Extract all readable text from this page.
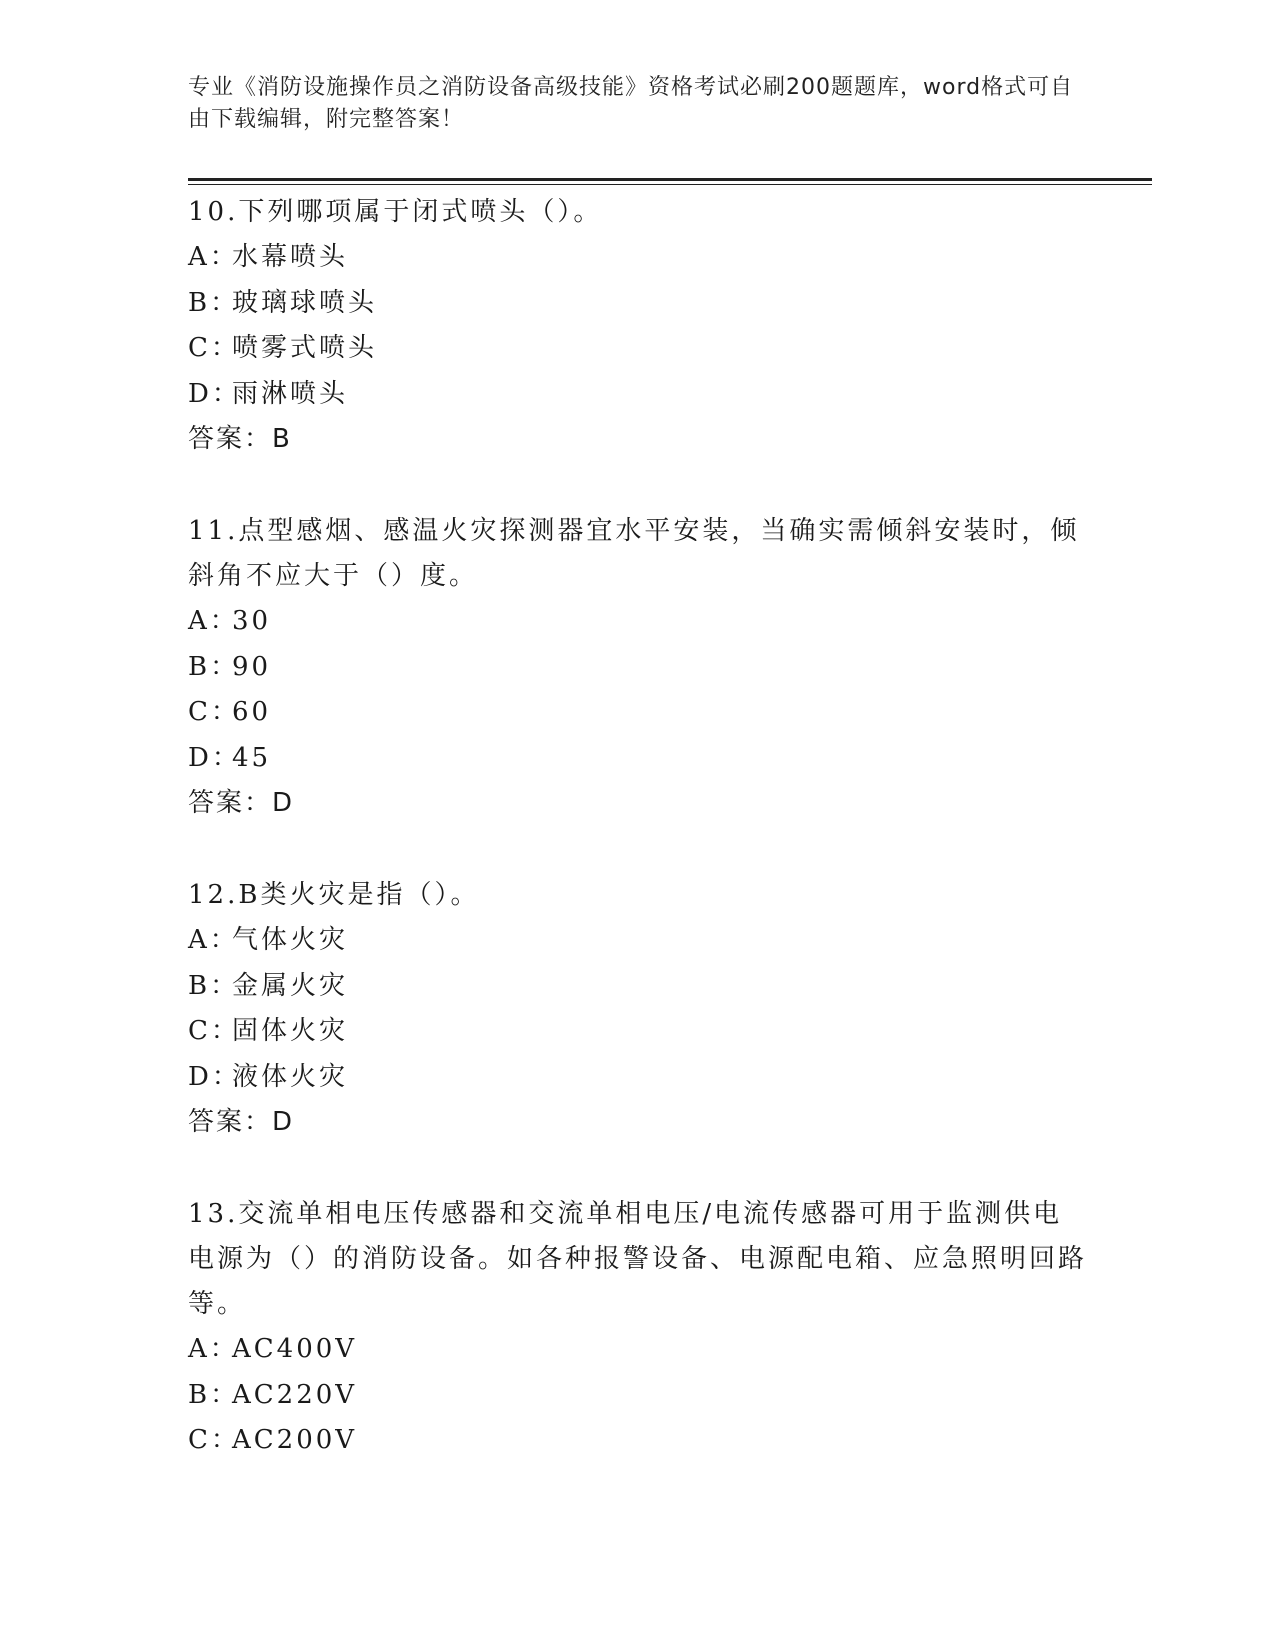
专业《消防设施操作员之消防设备高级技能》资格考试必刷200题题库，word格式可自由下载编辑，附完整答案！

10.下列哪项属于闭式喷头（）。

A：水幕喷头

B：玻璃球喷头

C：喷雾式喷头

D：雨淋喷头

答案：B

11.点型感烟、感温火灾探测器宜水平安装，当确实需倾斜安装时，倾斜角不应大于（）度。

A：30

B：90

C：60

D：45

答案：D

12.B类火灾是指（）。

A：气体火灾

B：金属火灾

C：固体火灾

D：液体火灾

答案：D

13.交流单相电压传感器和交流单相电压/电流传感器可用于监测供电电源为（）的消防设备。如各种报警设备、电源配电箱、应急照明回路等。

A：AC400V

B：AC220V

C：AC200V
